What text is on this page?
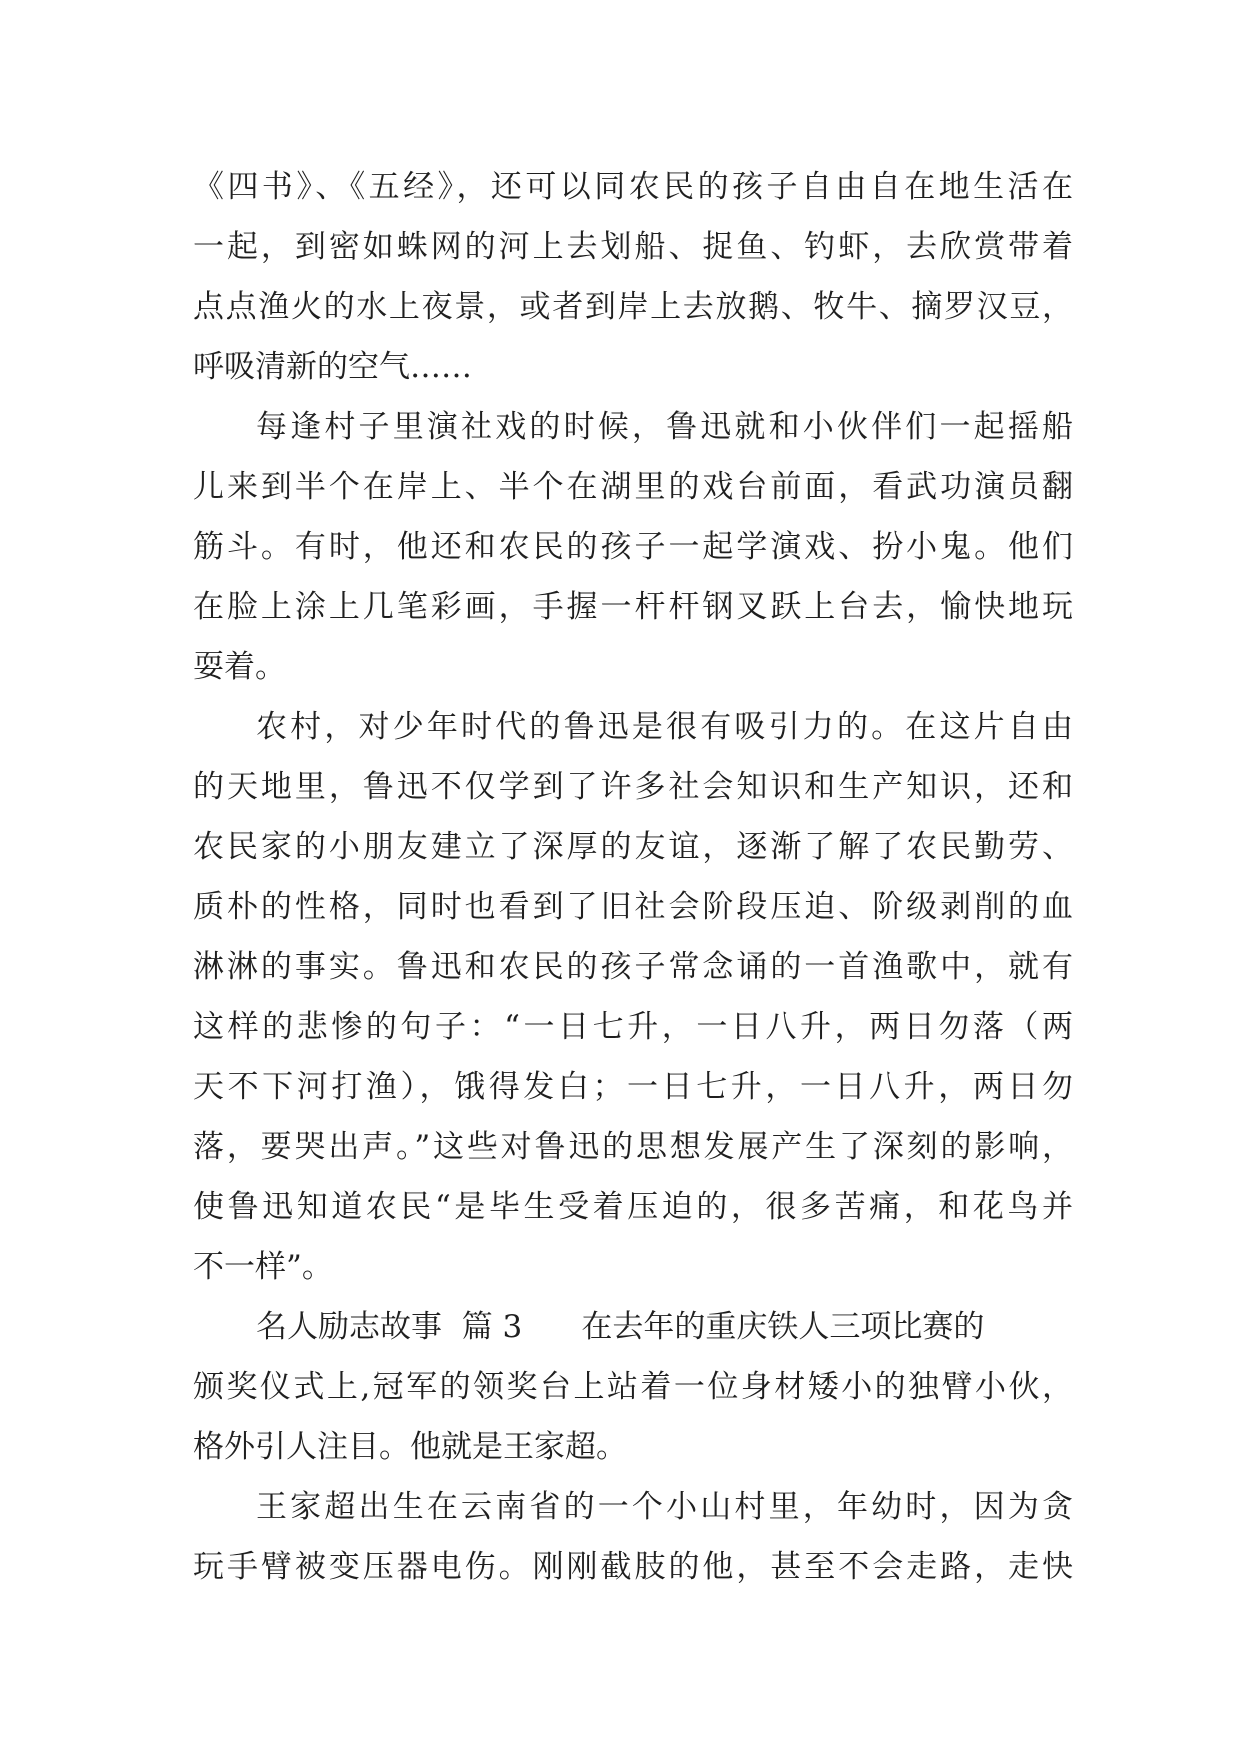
《四书》、《五经》，还可以同农民的孩子自由自在地生活在
一起，到密如蛛网的河上去划船、捉鱼、钓虾，去欣赏带着
点点渔火的水上夜景，或者到岸上去放鹅、牧牛、摘罗汉豆，
呼吸清新的空气……
每逢村子里演社戏的时候，鲁迅就和小伙伴们一起摇船
儿来到半个在岸上、半个在湖里的戏台前面，看武功演员翻
筋斗。有时，他还和农民的孩子一起学演戏、扮小鬼。他们
在脸上涂上几笔彩画，手握一杆杆钢叉跃上台去，愉快地玩
耍着。
农村，对少年时代的鲁迅是很有吸引力的。在这片自由
的天地里，鲁迅不仅学到了许多社会知识和生产知识，还和
农民家的小朋友建立了深厚的友谊，逐渐了解了农民勤劳、
质朴的性格，同时也看到了旧社会阶段压迫、阶级剥削的血
淋淋的事实。鲁迅和农民的孩子常念诵的一首渔歌中，就有
这样的悲惨的句子：“一日七升，一日八升，两日勿落（两
天不下河打渔），饿得发白；一日七升，一日八升，两日勿
落，要哭出声。”这些对鲁迅的思想发展产生了深刻的影响，
使鲁迅知道农民“是毕生受着压迫的，很多苦痛，和花鸟并
不一样”。
名人励志故事  篇 3      在去年的重庆铁人三项比赛的
颁奖仪式上,冠军的领奖台上站着一位身材矮小的独臂小伙，
格外引人注目。他就是王家超。
王家超出生在云南省的一个小山村里，年幼时，因为贪
玩手臂被变压器电伤。刚刚截肢的他，甚至不会走路，走快
